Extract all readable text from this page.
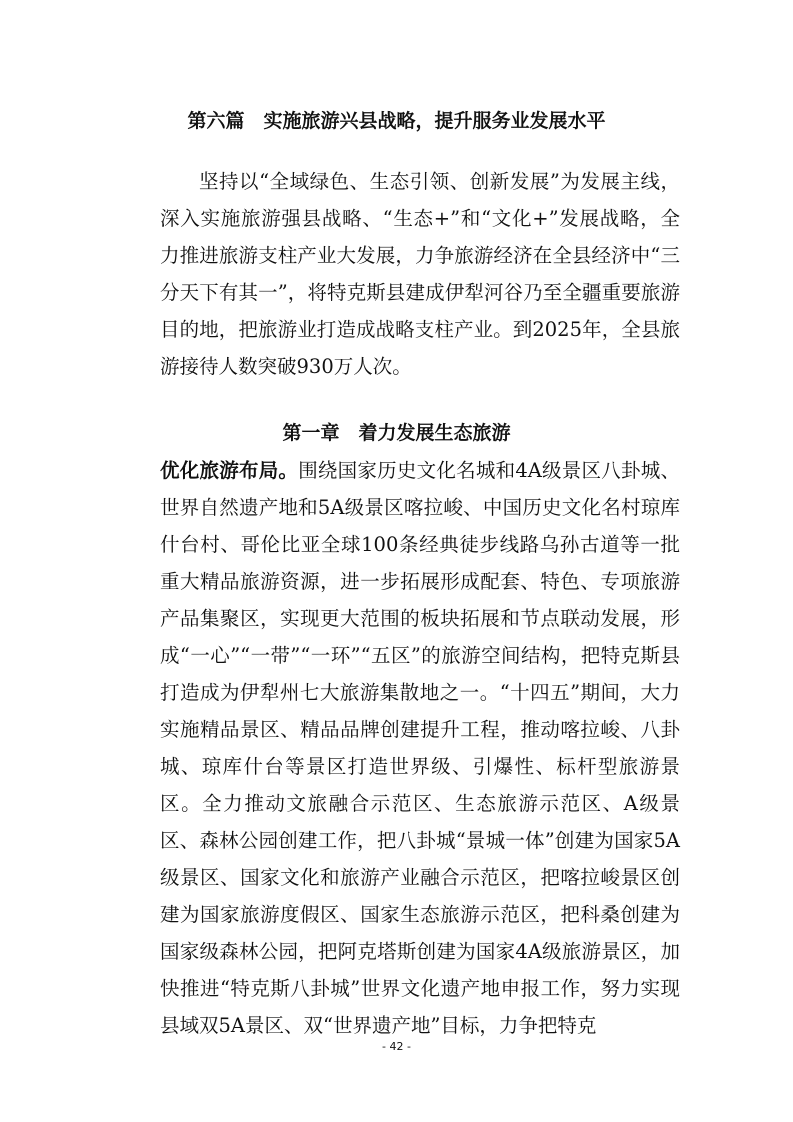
第六篇　实施旅游兴县战略，提升服务业发展水平

坚持以“全域绿色、生态引领、创新发展”为发展主线，深入实施旅游强县战略、“生态+”和“文化+”发展战略，全力推进旅游支柱产业大发展，力争旅游经济在全县经济中“三分天下有其一”，将特克斯县建成伊犁河谷乃至全疆重要旅游目的地，把旅游业打造成战略支柱产业。到2025年，全县旅游接待人数突破930万人次。

第一章　着力发展生态旅游

优化旅游布局。围绕国家历史文化名城和4A级景区八卦城、世界自然遗产地和5A级景区喀拉峻、中国历史文化名村琼库什台村、哥伦比亚全球100条经典徒步线路乌孙古道等一批重大精品旅游资源，进一步拓展形成配套、特色、专项旅游产品集聚区，实现更大范围的板块拓展和节点联动发展，形成“一心”“一带”“一环”“五区”的旅游空间结构，把特克斯县打造成为伊犁州七大旅游集散地之一。“十四五”期间，大力实施精品景区、精品品牌创建提升工程，推动喀拉峻、八卦城、琼库什台等景区打造世界级、引爆性、标杆型旅游景区。全力推动文旅融合示范区、生态旅游示范区、A级景区、森林公园创建工作，把八卦城“景城一体”创建为国家5A级景区、国家文化和旅游产业融合示范区，把喀拉峻景区创建为国家旅游度假区、国家生态旅游示范区，把科桑创建为国家级森林公园，把阿克塔斯创建为国家4A级旅游景区，加快推进“特克斯八卦城”世界文化遗产地申报工作，努力实现县域双5A景区、双“世界遗产地”目标，力争把特克

- 42 -
